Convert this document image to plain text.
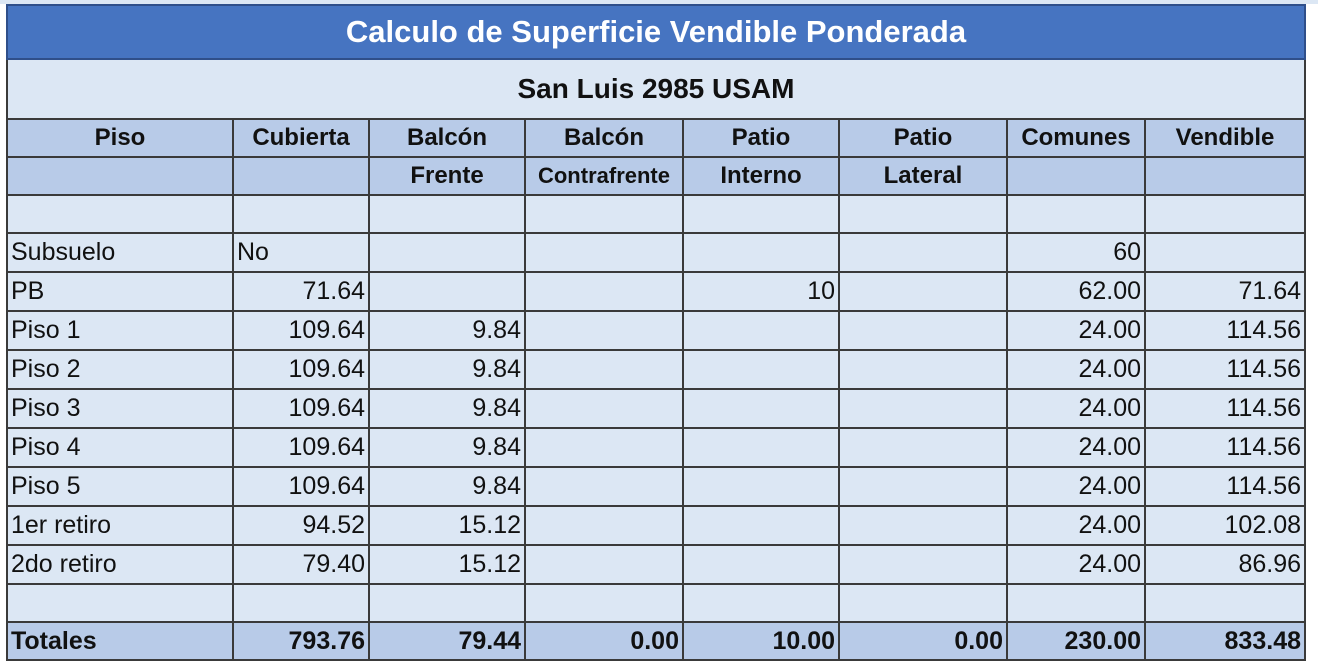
Calculo de Superficie Vendible Ponderada							
San Luis 2985 USAM							
Piso	Cubierta	Balcón	Balcón	Patio	Patio	Comunes	Vendible
		Frente	Contrafrente	Interno	Lateral		

Subsuelo	No					60	
PB	71.64			10		62.00	71.64
Piso 1	109.64	9.84				24.00	114.56
Piso 2	109.64	9.84				24.00	114.56
Piso 3	109.64	9.84				24.00	114.56
Piso 4	109.64	9.84				24.00	114.56
Piso 5	109.64	9.84				24.00	114.56
1er retiro	94.52	15.12				24.00	102.08
2do retiro	79.40	15.12				24.00	86.96

Totales	793.76	79.44	0.00	10.00	0.00	230.00	833.48
